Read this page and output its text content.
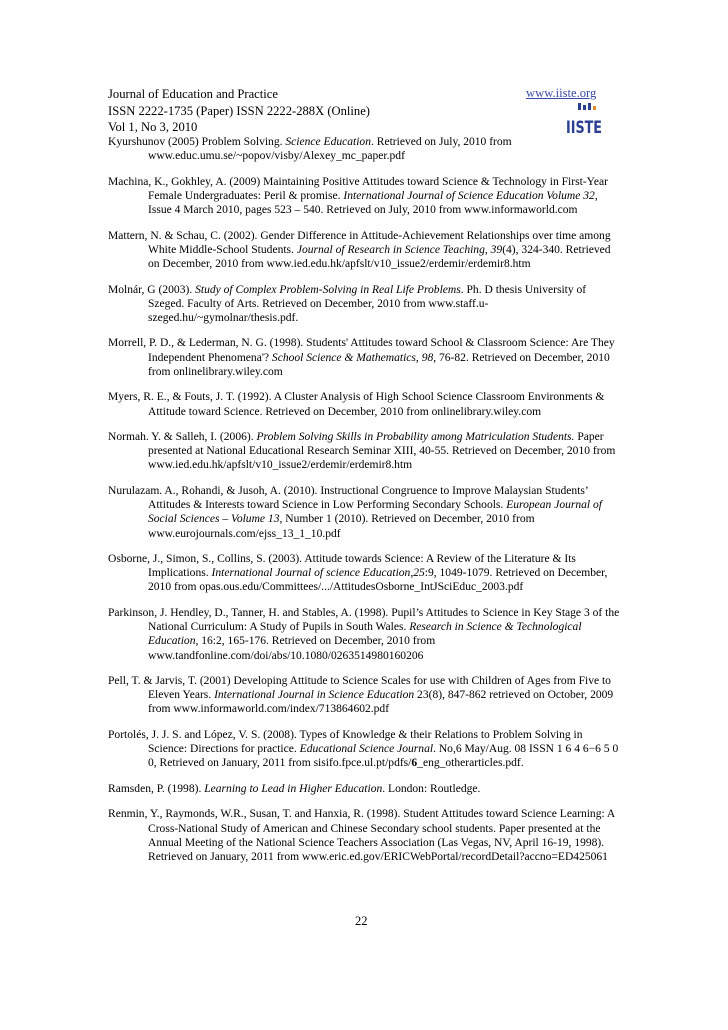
Journal of Education and Practice
ISSN 2222-1735 (Paper) ISSN 2222-288X (Online)
Vol 1, No 3, 2010
www.iiste.org
IISTE

Kyurshunov (2005) Problem Solving. Science Education. Retrieved on July, 2010 from www.educ.umu.se/~popov/visby/Alexey_mc_paper.pdf

Machina, K., Gokhley, A. (2009) Maintaining Positive Attitudes toward Science & Technology in First-Year Female Undergraduates: Peril & promise. International Journal of Science Education Volume 32, Issue 4 March 2010, pages 523 – 540. Retrieved on July, 2010 from www.informaworld.com

Mattern, N. & Schau, C. (2002). Gender Difference in Attitude-Achievement Relationships over time among White Middle-School Students. Journal of Research in Science Teaching, 39(4), 324-340. Retrieved on December, 2010 from www.ied.edu.hk/apfslt/v10_issue2/erdemir/erdemir8.htm

Molnár, G (2003). Study of Complex Problem-Solving in Real Life Problems. Ph. D thesis University of Szeged. Faculty of Arts. Retrieved on December, 2010 from www.staff.u-szeged.hu/~gymolnar/thesis.pdf.

Morrell, P. D., & Lederman, N. G. (1998). Students' Attitudes toward School & Classroom Science: Are They Independent Phenomena'? School Science & Mathematics, 98, 76-82. Retrieved on December, 2010 from onlinelibrary.wiley.com

Myers, R. E., & Fouts, J. T. (1992). A Cluster Analysis of High School Science Classroom Environments & Attitude toward Science. Retrieved on December, 2010 from onlinelibrary.wiley.com

Normah. Y. & Salleh, I. (2006). Problem Solving Skills in Probability among Matriculation Students. Paper presented at National Educational Research Seminar XIII, 40-55. Retrieved on December, 2010 from www.ied.edu.hk/apfslt/v10_issue2/erdemir/erdemir8.htm

Nurulazam. A., Rohandi, & Jusoh, A. (2010). Instructional Congruence to Improve Malaysian Students’ Attitudes & Interests toward Science in Low Performing Secondary Schools. European Journal of Social Sciences – Volume 13, Number 1 (2010). Retrieved on December, 2010 from www.eurojournals.com/ejss_13_1_10.pdf

Osborne, J., Simon, S., Collins, S. (2003). Attitude towards Science: A Review of the Literature & Its Implications. International Journal of science Education,25:9, 1049-1079. Retrieved on December, 2010 from opas.ous.edu/Committees/.../AttitudesOsborne_IntJSciEduc_2003.pdf

Parkinson, J. Hendley, D., Tanner, H. and Stables, A. (1998). Pupil’s Attitudes to Science in Key Stage 3 of the National Curriculum: A Study of Pupils in South Wales. Research in Science & Technological Education, 16:2, 165-176. Retrieved on December, 2010 from www.tandfonline.com/doi/abs/10.1080/0263514980160206

Pell, T. & Jarvis, T. (2001) Developing Attitude to Science Scales for use with Children of Ages from Five to Eleven Years. International Journal in Science Education 23(8), 847-862 retrieved on October, 2009 from www.informaworld.com/index/713864602.pdf

Portolés, J. J. S. and López, V. S. (2008). Types of Knowledge & their Relations to Problem Solving in Science: Directions for practice. Educational Science Journal. No,6 May/Aug. 08 ISSN 1 6 4 6−6 5 0 0, Retrieved on January, 2011 from sisifo.fpce.ul.pt/pdfs/6_eng_otherarticles.pdf.

Ramsden, P. (1998). Learning to Lead in Higher Education. London: Routledge.

Renmin, Y., Raymonds, W.R., Susan, T. and Hanxia, R. (1998). Student Attitudes toward Science Learning: A Cross-National Study of American and Chinese Secondary school students. Paper presented at the Annual Meeting of the National Science Teachers Association (Las Vegas, NV, April 16-19, 1998). Retrieved on January, 2011 from www.eric.ed.gov/ERICWebPortal/recordDetail?accno=ED425061

22
